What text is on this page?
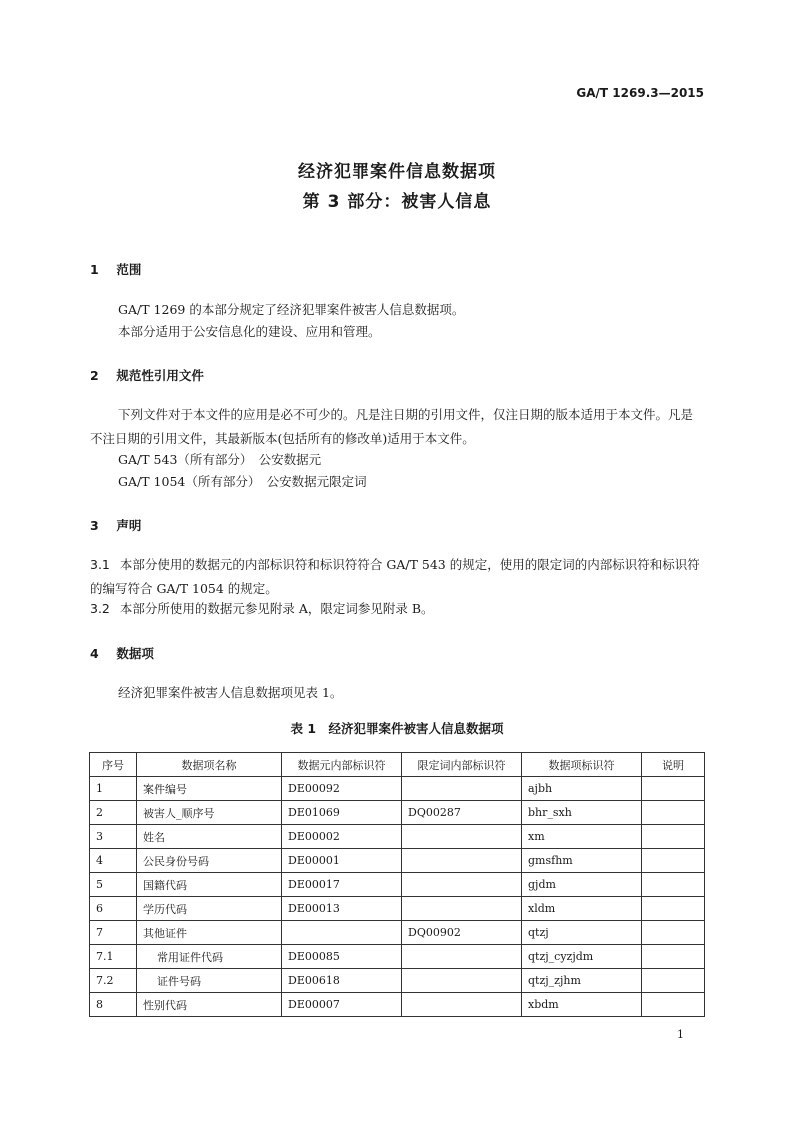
GA/T 1269.3—2015
经济犯罪案件信息数据项
第 3 部分：被害人信息
1 范围
GA/T 1269 的本部分规定了经济犯罪案件被害人信息数据项。
本部分适用于公安信息化的建设、应用和管理。
2 规范性引用文件
下列文件对于本文件的应用是必不可少的。凡是注日期的引用文件，仅注日期的版本适用于本文件。凡是不注日期的引用文件，其最新版本(包括所有的修改单)适用于本文件。
GA/T 543（所有部分）　公安数据元
GA/T 1054（所有部分）　公安数据元限定词
3 声明
3.1 本部分使用的数据元的内部标识符和标识符符合 GA/T 543 的规定，使用的限定词的内部标识符和标识符的编写符合 GA/T 1054 的规定。
3.2 本部分所使用的数据元参见附录 A，限定词参见附录 B。
4 数据项
经济犯罪案件被害人信息数据项见表 1。
表 1　经济犯罪案件被害人信息数据项
序号	数据项名称	数据元内部标识符	限定词内部标识符	数据项标识符	说明
1	案件编号	DE00092		ajbh	
2	被害人_顺序号	DE01069	DQ00287	bhr_sxh	
3	姓名	DE00002		xm	
4	公民身份号码	DE00001		gmsfhm	
5	国籍代码	DE00017		gjdm	
6	学历代码	DE00013		xldm	
7	其他证件		DQ00902	qtzj	
7.1	常用证件代码	DE00085		qtzj_cyzjdm	
7.2	证件号码	DE00618		qtzj_zjhm	
8	性别代码	DE00007		xbdm	
1
